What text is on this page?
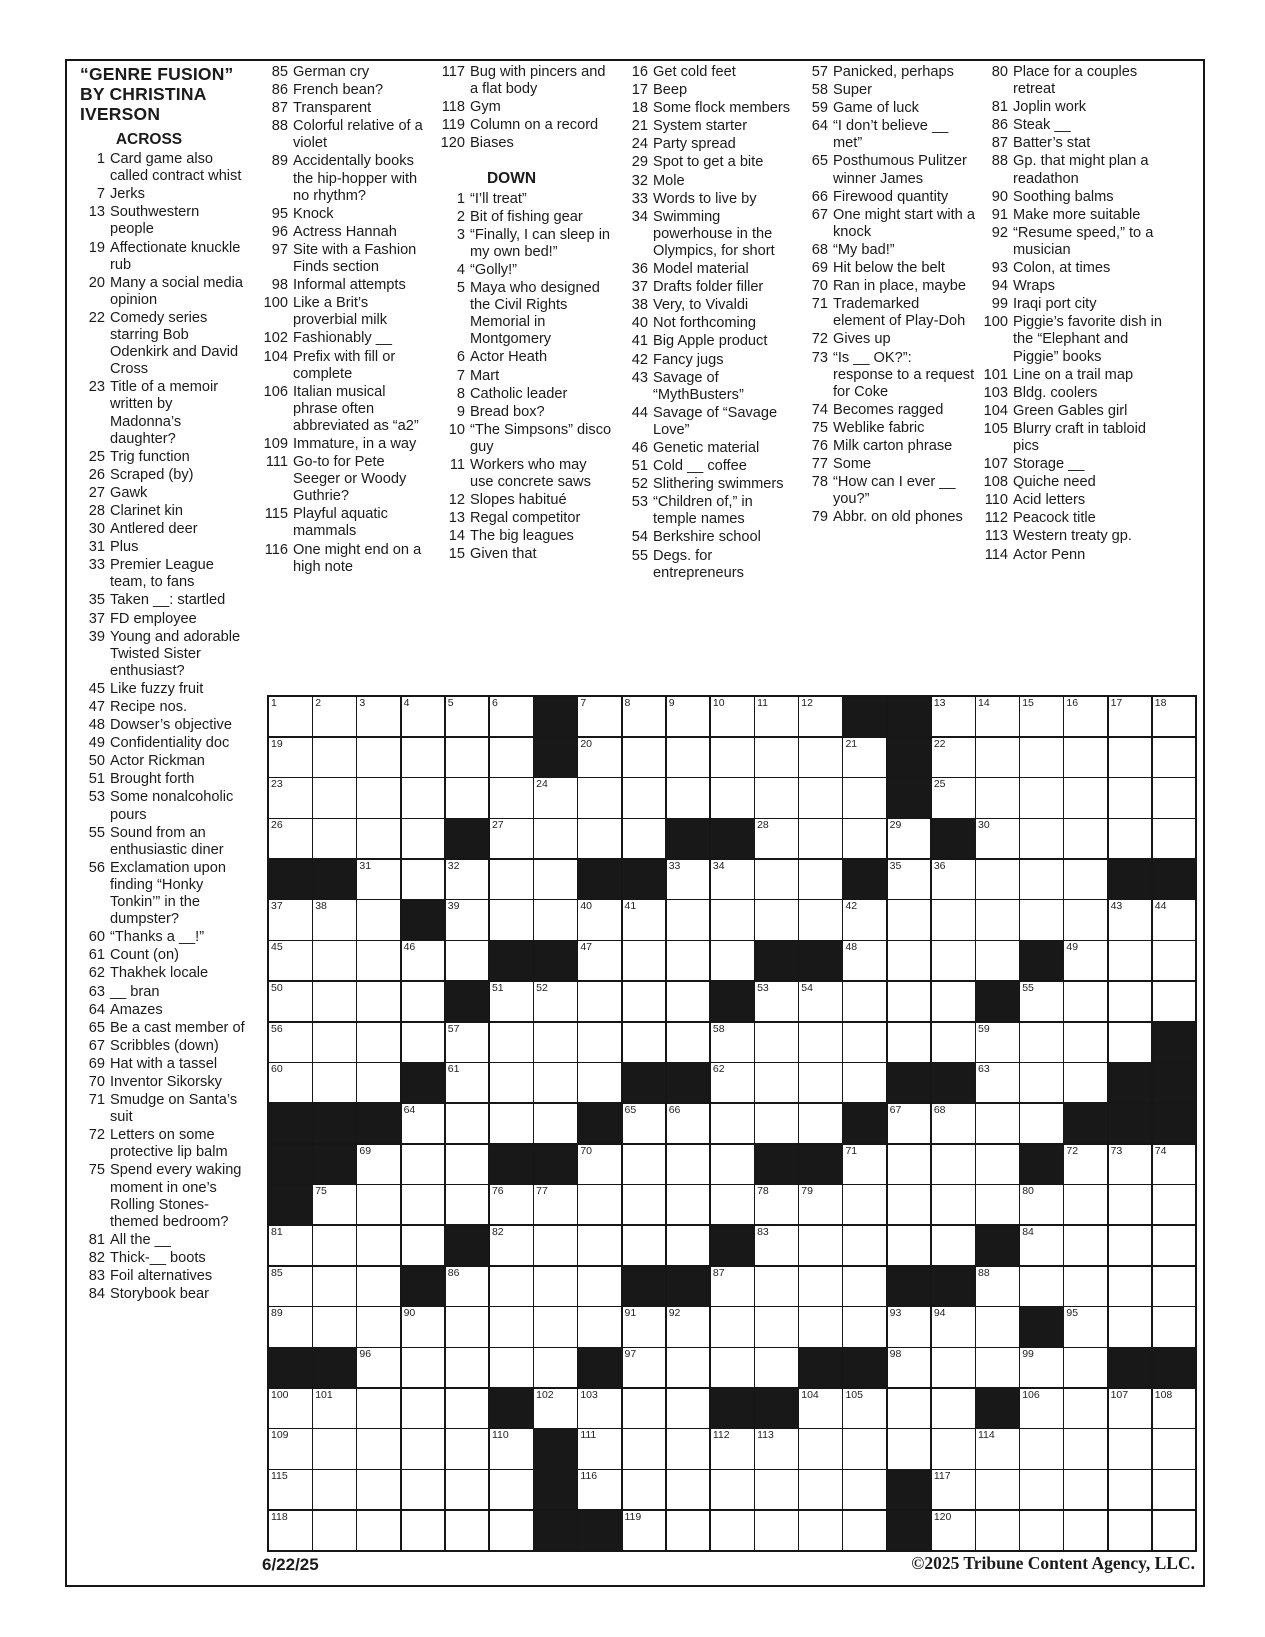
“GENRE FUSION” BY CHRISTINA IVERSON
ACROSS
1 Card game also called contract whist
7 Jerks
13 Southwestern people
19 Affectionate knuckle rub
20 Many a social media opinion
22 Comedy series starring Bob Odenkirk and David Cross
23 Title of a memoir written by Madonna’s daughter?
25 Trig function
26 Scraped (by)
27 Gawk
28 Clarinet kin
30 Antlered deer
31 Plus
33 Premier League team, to fans
35 Taken __: startled
37 FD employee
39 Young and adorable Twisted Sister enthusiast?
45 Like fuzzy fruit
47 Recipe nos.
48 Dowser’s objective
49 Confidentiality doc
50 Actor Rickman
51 Brought forth
53 Some nonalcoholic pours
55 Sound from an enthusiastic diner
56 Exclamation upon finding “Honky Tonkin’” in the dumpster?
60 “Thanks a __!”
61 Count (on)
62 Thakhek locale
63 __ bran
64 Amazes
65 Be a cast member of
67 Scribbles (down)
69 Hat with a tassel
70 Inventor Sikorsky
71 Smudge on Santa’s suit
72 Letters on some protective lip balm
75 Spend every waking moment in one’s Rolling Stones-themed bedroom?
81 All the __
82 Thick-__ boots
83 Foil alternatives
84 Storybook bear
85 German cry
86 French bean?
87 Transparent
88 Colorful relative of a violet
89 Accidentally books the hip-hopper with no rhythm?
95 Knock
96 Actress Hannah
97 Site with a Fashion Finds section
98 Informal attempts
100 Like a Brit’s proverbial milk
102 Fashionably __
104 Prefix with fill or complete
106 Italian musical phrase often abbreviated as “a2”
109 Immature, in a way
111 Go-to for Pete Seeger or Woody Guthrie?
115 Playful aquatic mammals
116 One might end on a high note
117 Bug with pincers and a flat body
118 Gym
119 Column on a record
120 Biases
DOWN
1 “I’ll treat”
2 Bit of fishing gear
3 “Finally, I can sleep in my own bed!”
4 “Golly!”
5 Maya who designed the Civil Rights Memorial in Montgomery
6 Actor Heath
7 Mart
8 Catholic leader
9 Bread box?
10 “The Simpsons” disco guy
11 Workers who may use concrete saws
12 Slopes habitué
13 Regal competitor
14 The big leagues
15 Given that
16 Get cold feet
17 Beep
18 Some flock members
21 System starter
24 Party spread
29 Spot to get a bite
32 Mole
33 Words to live by
34 Swimming powerhouse in the Olympics, for short
36 Model material
37 Drafts folder filler
38 Very, to Vivaldi
40 Not forthcoming
41 Big Apple product
42 Fancy jugs
43 Savage of “MythBusters”
44 Savage of “Savage Love”
46 Genetic material
51 Cold __ coffee
52 Slithering swimmers
53 “Children of,” in temple names
54 Berkshire school
55 Degs. for entrepreneurs
57 Panicked, perhaps
58 Super
59 Game of luck
64 “I don’t believe __ met”
65 Posthumous Pulitzer winner James
66 Firewood quantity
67 One might start with a knock
68 “My bad!”
69 Hit below the belt
70 Ran in place, maybe
71 Trademarked element of Play-Doh
72 Gives up
73 “Is __ OK?”: response to a request for Coke
74 Becomes ragged
75 Weblike fabric
76 Milk carton phrase
77 Some
78 “How can I ever __ you?”
79 Abbr. on old phones
80 Place for a couples retreat
81 Joplin work
86 Steak __
87 Batter’s stat
88 Gp. that might plan a readathon
90 Soothing balms
91 Make more suitable
92 “Resume speed,” to a musician
93 Colon, at times
94 Wraps
99 Iraqi port city
100 Piggie’s favorite dish in the “Elephant and Piggie” books
101 Line on a trail map
103 Bldg. coolers
104 Green Gables girl
105 Blurry craft in tabloid pics
107 Storage __
108 Quiche need
110 Acid letters
112 Peacock title
113 Western treaty gp.
114 Actor Penn
1	2	3	4	5	6	7	8	9	10	11	12	13	14	15	16	17	18
19	20	21	22
23	24	25
26	27	28	29	30
31	32	33	34	35	36
37	38	39	40	41	42	43	44
45	46	47	48	49
50	51	52	53	54	55
56	57	58	59
60	61	62	63
64	65	66	67	68
69	70	71	72	73	74
75	76	77	78	79	80
81	82	83	84
85	86	87	88
89	90	91	92	93	94	95
96	97	98	99
100	101	102	103	104	105	106	107	108
109	110	111	112	113	114
115	116	117
118	119	120
6/22/25	©2025 Tribune Content Agency, LLC.
